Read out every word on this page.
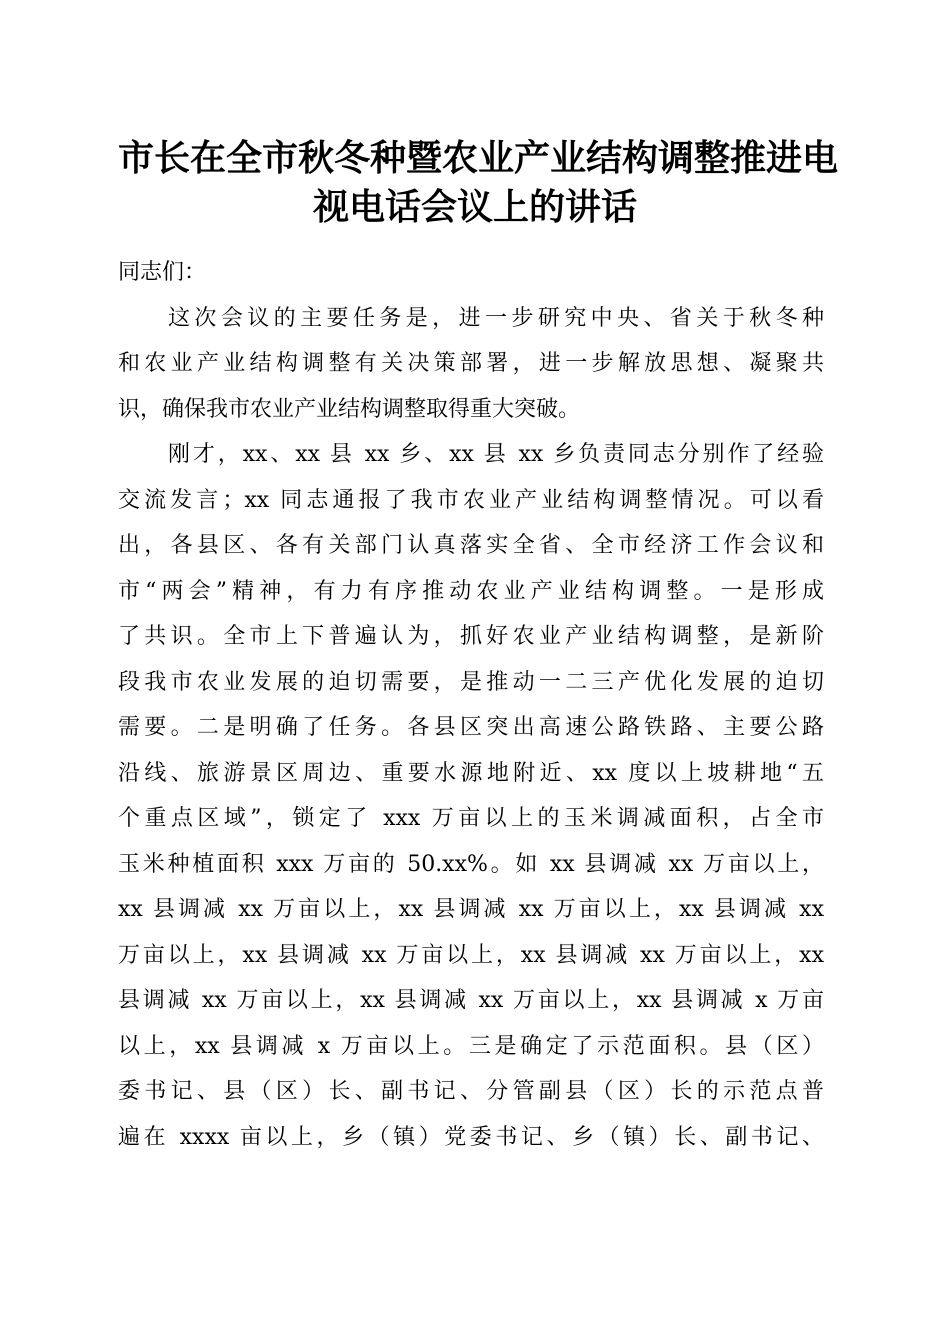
市长在全市秋冬种暨农业产业结构调整推进电
视电话会议上的讲话
同志们：
这次会议的主要任务是，进一步研究中央、省关于秋冬种
和农业产业结构调整有关决策部署，进一步解放思想、凝聚共
识，确保我市农业产业结构调整取得重大突破。
刚才，xx、xx 县 xx 乡、xx 县 xx 乡负责同志分别作了经验
交流发言；xx 同志通报了我市农业产业结构调整情况。可以看
出，各县区、各有关部门认真落实全省、全市经济工作会议和
市“两会”精神，有力有序推动农业产业结构调整。一是形成
了共识。全市上下普遍认为，抓好农业产业结构调整，是新阶
段我市农业发展的迫切需要，是推动一二三产优化发展的迫切
需要。二是明确了任务。各县区突出高速公路铁路、主要公路
沿线、旅游景区周边、重要水源地附近、xx 度以上坡耕地“五
个重点区域”，锁定了 xxx 万亩以上的玉米调减面积，占全市
玉米种植面积 xxx 万亩的 50.xx%。如 xx 县调减 xx 万亩以上，
xx 县调减 xx 万亩以上，xx 县调减 xx 万亩以上，xx 县调减 xx
万亩以上，xx 县调减 xx 万亩以上，xx 县调减 xx 万亩以上，xx
县调减 xx 万亩以上，xx 县调减 xx 万亩以上，xx 县调减 x 万亩
以上，xx 县调减 x 万亩以上。三是确定了示范面积。县（区）
委书记、县（区）长、副书记、分管副县（区）长的示范点普
遍在 xxxx 亩以上，乡（镇）党委书记、乡（镇）长、副书记、
